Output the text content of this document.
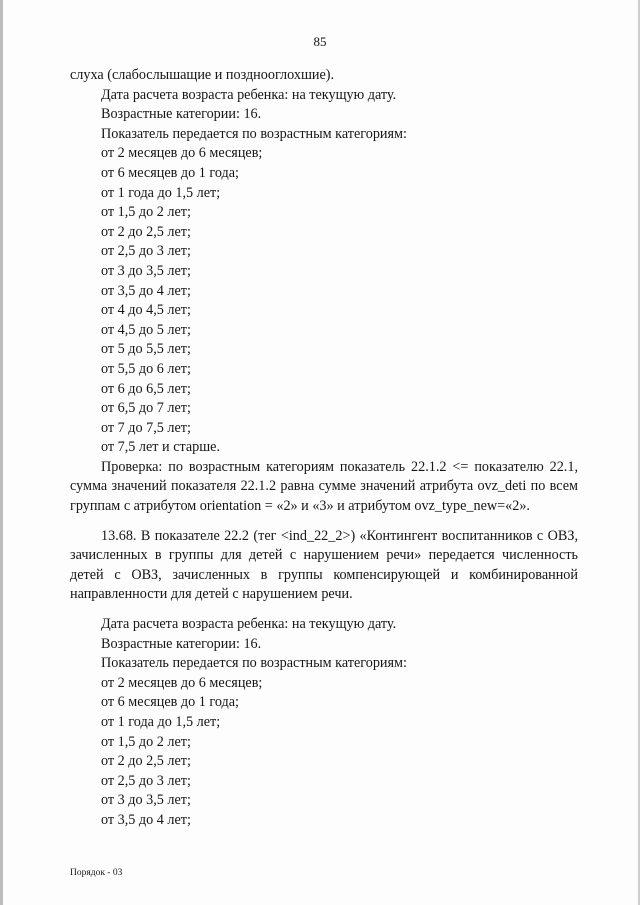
85
слуха (слабослышащие и позднооглохшие).
Дата расчета возраста ребенка: на текущую дату.
Возрастные категории: 16.
Показатель передается по возрастным категориям:
от 2 месяцев до 6 месяцев;
от 6 месяцев до 1 года;
от 1 года до 1,5 лет;
от 1,5 до 2 лет;
от 2 до 2,5 лет;
от 2,5 до 3 лет;
от 3 до 3,5 лет;
от 3,5 до 4 лет;
от 4 до 4,5 лет;
от 4,5 до 5 лет;
от 5 до 5,5 лет;
от 5,5 до 6 лет;
от 6 до 6,5 лет;
от 6,5 до 7 лет;
от 7 до 7,5 лет;
от 7,5 лет и старше.
Проверка: по возрастным категориям показатель 22.1.2 <= показателю 22.1, сумма значений показателя 22.1.2 равна сумме значений атрибута ovz_deti по всем группам с атрибутом orientation = «2» и «3» и атрибутом ovz_type_new=«2».
13.68. В показателе 22.2 (тег <ind_22_2>) «Контингент воспитанников с ОВЗ, зачисленных в группы для детей с нарушением речи» передается численность детей с ОВЗ, зачисленных в группы компенсирующей и комбинированной направленности для детей с нарушением речи.
Дата расчета возраста ребенка: на текущую дату.
Возрастные категории: 16.
Показатель передается по возрастным категориям:
от 2 месяцев до 6 месяцев;
от 6 месяцев до 1 года;
от 1 года до 1,5 лет;
от 1,5 до 2 лет;
от 2 до 2,5 лет;
от 2,5 до 3 лет;
от 3 до 3,5 лет;
от 3,5 до 4 лет;
Порядок - 03
